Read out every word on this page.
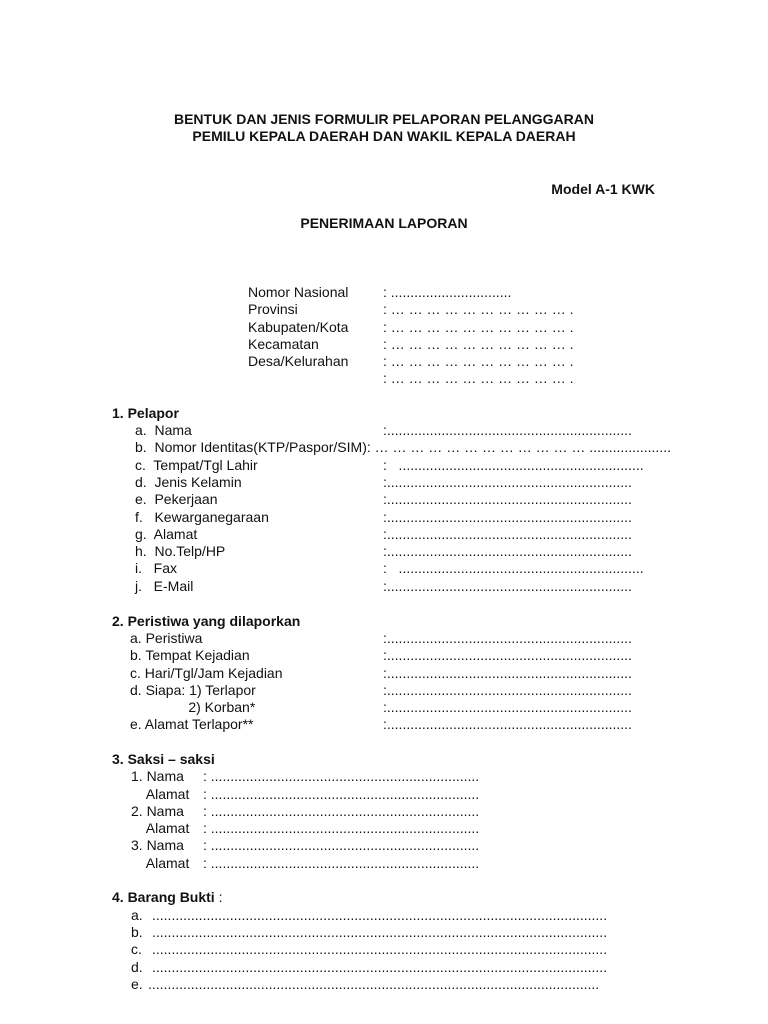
BENTUK DAN JENIS FORMULIR PELAPORAN PELANGGARAN
PEMILU KEPALA DAERAH DAN WAKIL KEPALA DAERAH
Model A-1 KWK
PENERIMAAN LAPORAN
Nomor Nasional : ...............................
Provinsi	: … … … … … … … … … … .
Kabupaten/Kota : … … … … … … … … … … .
Kecamatan	: … … … … … … … … … … .
Desa/Kelurahan : … … … … … … … … … … .
: … … … … … … … … … … .
1. Pelapor
a.  Nama	:...............................................................
b.  Nomor Identitas(KTP/Paspor/SIM): … … … … … … … … … … … … .....................
c.  Tempat/Tgl Lahir	:   ...............................................................
d.  Jenis Kelamin	:...............................................................
e.  Pekerjaan	:...............................................................
f.   Kewarganegaraan	:...............................................................
g.  Alamat	:...............................................................
h.  No.Telp/HP	:...............................................................
i.   Fax	:   ...............................................................
j.   E-Mail	:...............................................................
2. Peristiwa yang dilaporkan
a. Peristiwa	:...............................................................
b. Tempat Kejadian	:...............................................................
c. Hari/Tgl/Jam Kejadian	:...............................................................
d. Siapa: 1) Terlapor	:...............................................................
2) Korban*	:...............................................................
e. Alamat Terlapor**	:...............................................................
3. Saksi – saksi
1. Nama : .....................................................................
Alamat : .....................................................................
2. Nama : .....................................................................
Alamat : .....................................................................
3. Nama : .....................................................................
Alamat : .....................................................................
4. Barang Bukti :
a. .....................................................................................................................
b. .....................................................................................................................
c. .....................................................................................................................
d. .....................................................................................................................
e. ....................................................................................................................
